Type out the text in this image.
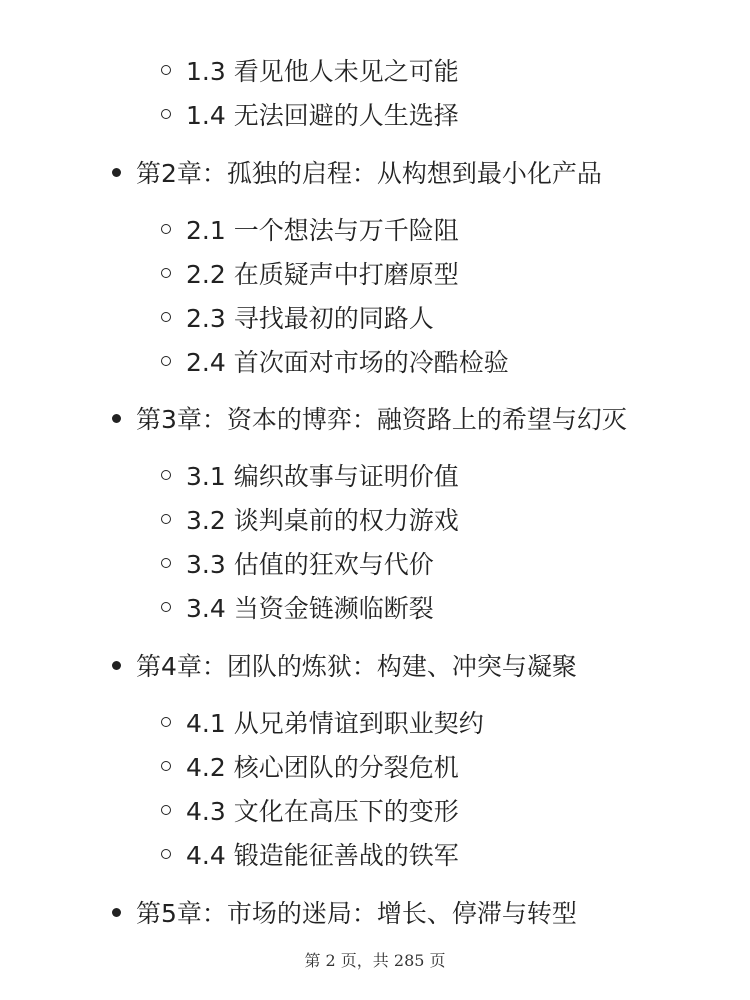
1.3 看见他人未见之可能
1.4 无法回避的人生选择
第2章：孤独的启程：从构想到最小化产品
2.1 一个想法与万千险阻
2.2 在质疑声中打磨原型
2.3 寻找最初的同路人
2.4 首次面对市场的冷酷检验
第3章：资本的博弈：融资路上的希望与幻灭
3.1 编织故事与证明价值
3.2 谈判桌前的权力游戏
3.3 估值的狂欢与代价
3.4 当资金链濒临断裂
第4章：团队的炼狱：构建、冲突与凝聚
4.1 从兄弟情谊到职业契约
4.2 核心团队的分裂危机
4.3 文化在高压下的变形
4.4 锻造能征善战的铁军
第5章：市场的迷局：增长、停滞与转型
第 2 页，共 285 页
